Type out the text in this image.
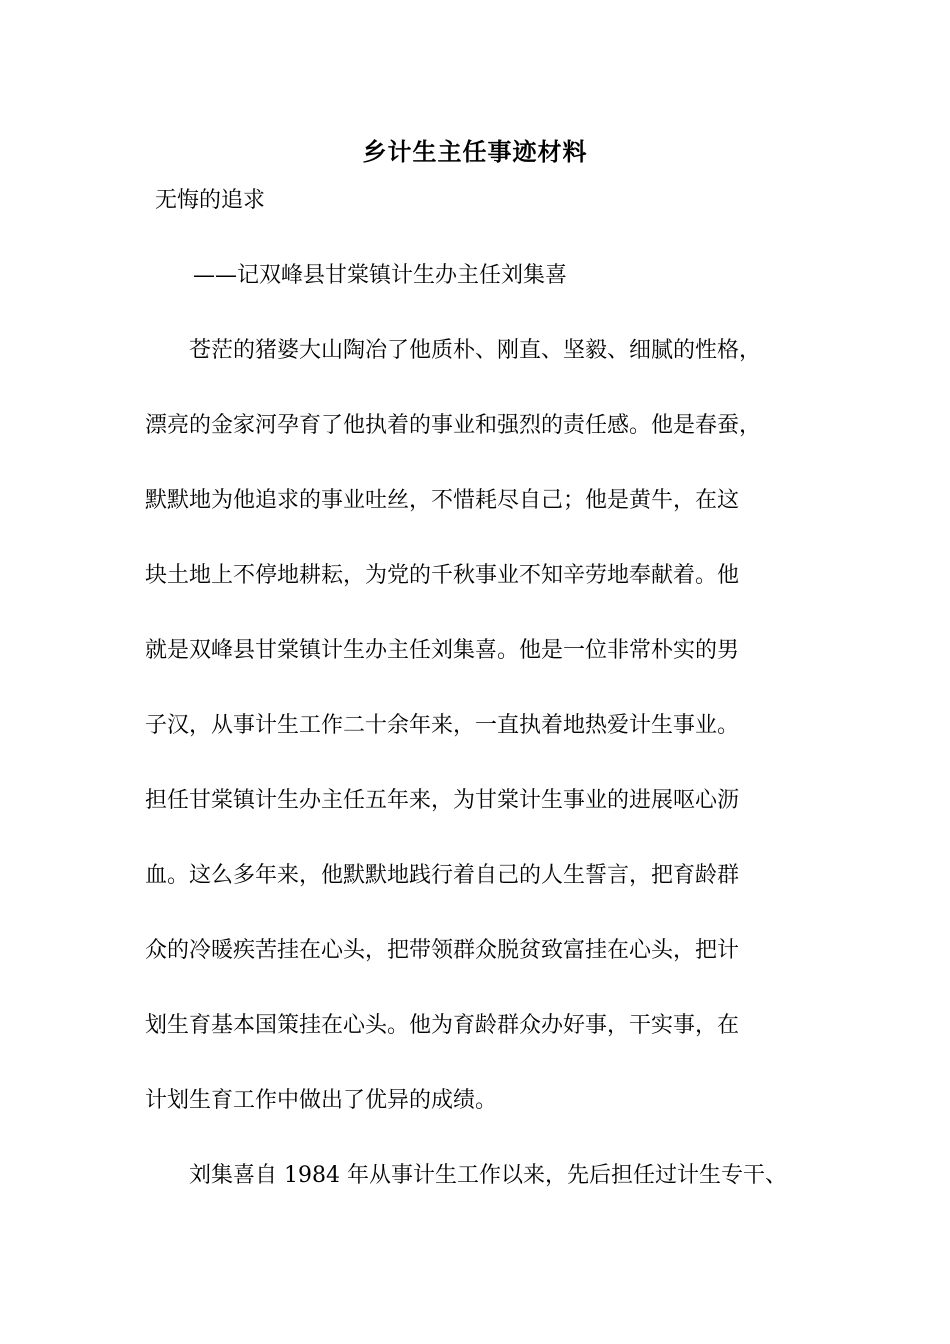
乡计生主任事迹材料
无悔的追求
——记双峰县甘棠镇计生办主任刘集喜
　　苍茫的猪婆大山陶冶了他质朴、刚直、坚毅、细腻的性格，
漂亮的金家河孕育了他执着的事业和强烈的责任感。他是春蚕，
默默地为他追求的事业吐丝，不惜耗尽自己；他是黄牛，在这
块土地上不停地耕耘，为党的千秋事业不知辛劳地奉献着。他
就是双峰县甘棠镇计生办主任刘集喜。他是一位非常朴实的男
子汉，从事计生工作二十余年来，一直执着地热爱计生事业。
担任甘棠镇计生办主任五年来，为甘棠计生事业的进展呕心沥
血。这么多年来，他默默地践行着自己的人生誓言，把育龄群
众的冷暖疾苦挂在心头，把带领群众脱贫致富挂在心头，把计
划生育基本国策挂在心头。他为育龄群众办好事，干实事，在
计划生育工作中做出了优异的成绩。
　　刘集喜自 1984 年从事计生工作以来，先后担任过计生专干、
